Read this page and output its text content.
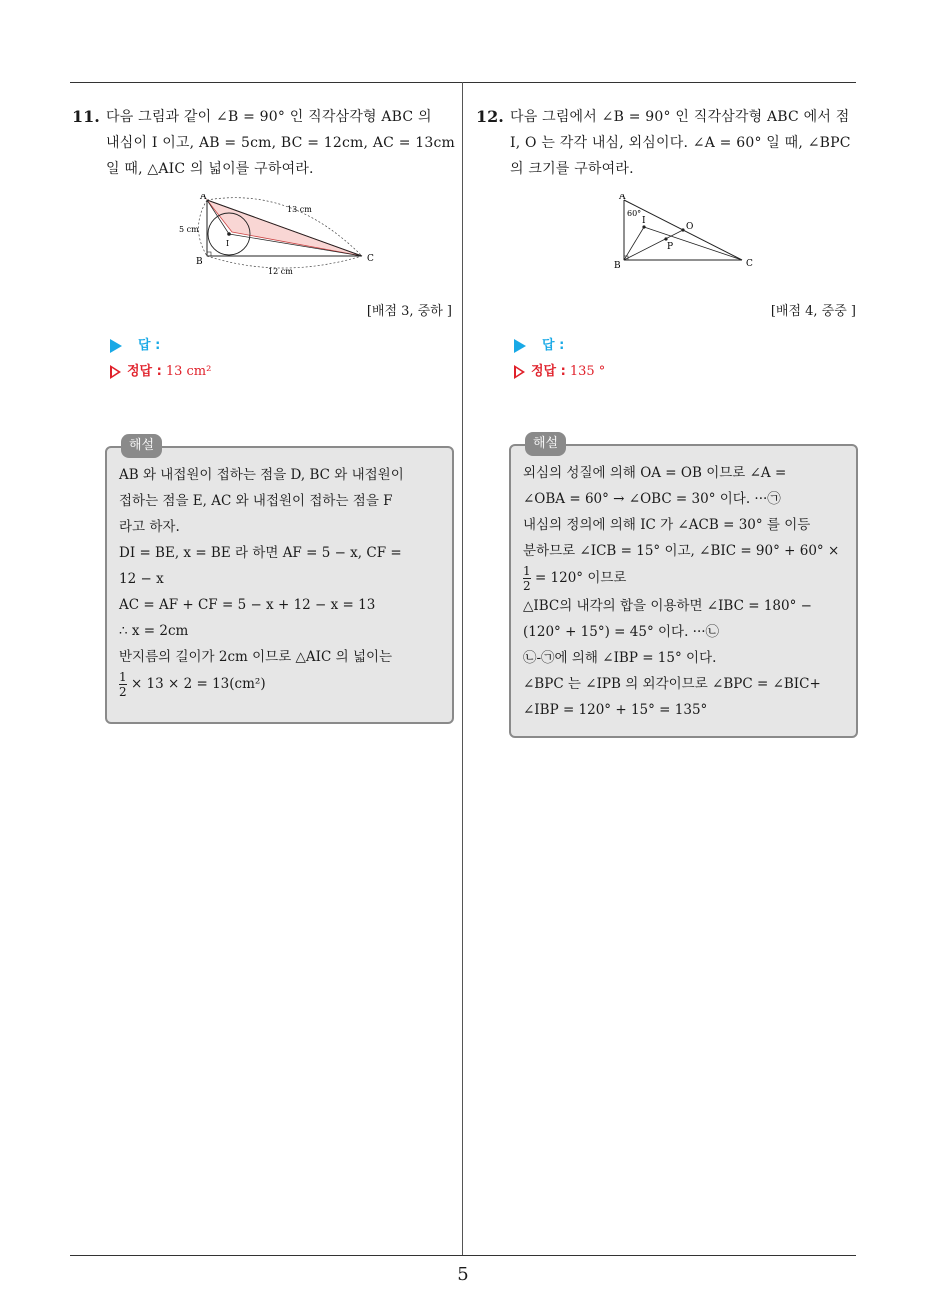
5
11. 다음 그림과 같이 ∠B = 90° 인 직각삼각형 ABC 의
내심이 I 이고, AB = 5cm, BC = 12cm, AC = 13cm
일 때, △AIC 의 넓이를 구하여라.
A
B	C
I
5 cm
13 cm
12 cm
[배점 3, 중하 ]
답 :
정답 : 13 cm²
해설
AB 와 내접원이 접하는 점을 D, BC 와 내접원이
접하는 점을 E, AC 와 내접원이 접하는 점을 F
라고 하자.
DI = BE, x = BE 라 하면 AF = 5 − x, CF =
12 − x
AC = AF + CF = 5 − x + 12 − x = 13
∴ x = 2cm
반지름의 길이가 2cm 이므로 △AIC 의 넓이는
$\frac{1}{2} \times 13 \times 2 = 13(cm^2)$
12. 다음 그림에서 ∠B = 90° 인 직각삼각형 ABC 에서 점
I, O 는 각각 내심, 외심이다. ∠A = 60° 일 때, ∠BPC
의 크기를 구하여라.
A
B	C
I
O
P
60°
[배점 4, 중중 ]
답 :
정답 : 135 °
해설
외심의 성질에 의해 OA = OB 이므로 ∠A =
∠OBA = 60° → ∠OBC = 30° 이다. ···㉠
내심의 정의에 의해 IC 가 ∠ACB = 30° 를 이등
분하므로 ∠ICB = 15° 이고, ∠BIC = 90° + 60° ×
$\frac{1}{2} = 120^\circ$ 이므로
△IBC의 내각의 합을 이용하면 ∠IBC = 180° −
(120° + 15°) = 45° 이다. ···㉡
㉡-㉠에 의해 ∠IBP = 15° 이다.
∠BPC 는 ∠IPB 의 외각이므로 ∠BPC = ∠BIC+
∠IBP = 120° + 15° = 135°
